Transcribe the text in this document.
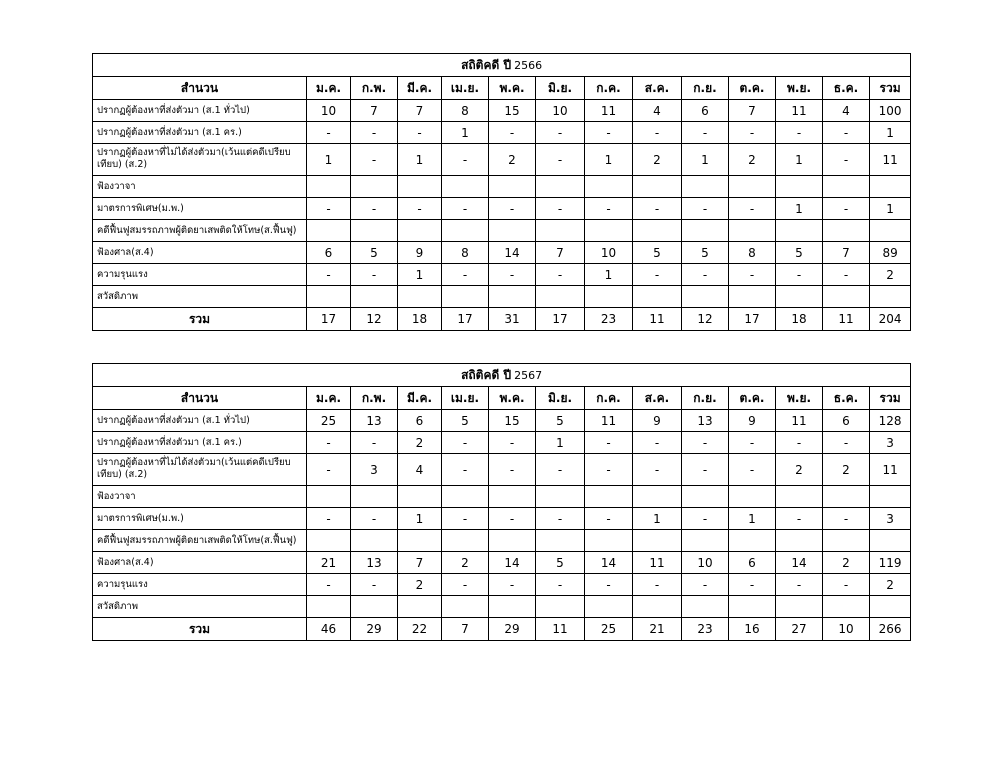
สถิติคดี ปี 2566													
สำนวน	ม.ค.	ก.พ.	มี.ค.	เม.ย.	พ.ค.	มิ.ย.	ก.ค.	ส.ค.	ก.ย.	ต.ค.	พ.ย.	ธ.ค.	รวม
ปรากฏผู้ต้องหาที่ส่งตัวมา (ส.1 ทั่วไป)	10	7	7	8	15	10	11	4	6	7	11	4	100
ปรากฏผู้ต้องหาที่ส่งตัวมา (ส.1 คร.)	-	-	-	1	-	-	-	-	-	-	-	-	1
ปรากฏผู้ต้องหาที่ไม่ได้ส่งตัวมา(เว้นแต่คดีเปรียบเทียบ) (ส.2)	1	-	1	-	2	-	1	2	1	2	1	-	11
ฟ้องวาจา													
มาตรการพิเศษ(ม.พ.)	-	-	-	-	-	-	-	-	-	-	1	-	1
คดีฟื้นฟูสมรรถภาพผู้ติดยาเสพติดให้โทษ(ส.ฟื้นฟู)													
ฟ้องศาล(ส.4)	6	5	9	8	14	7	10	5	5	8	5	7	89
ความรุนแรง	-	-	1	-	-	-	1	-	-	-	-	-	2
สวัสดิภาพ													
รวม	17	12	18	17	31	17	23	11	12	17	18	11	204
สถิติคดี ปี 2567													
สำนวน	ม.ค.	ก.พ.	มี.ค.	เม.ย.	พ.ค.	มิ.ย.	ก.ค.	ส.ค.	ก.ย.	ต.ค.	พ.ย.	ธ.ค.	รวม
ปรากฏผู้ต้องหาที่ส่งตัวมา (ส.1 ทั่วไป)	25	13	6	5	15	5	11	9	13	9	11	6	128
ปรากฏผู้ต้องหาที่ส่งตัวมา (ส.1 คร.)	-	-	2	-	-	1	-	-	-	-	-	-	3
ปรากฏผู้ต้องหาที่ไม่ได้ส่งตัวมา(เว้นแต่คดีเปรียบเทียบ) (ส.2)	-	3	4	-	-	-	-	-	-	-	2	2	11
ฟ้องวาจา													
มาตรการพิเศษ(ม.พ.)	-	-	1	-	-	-	-	1	-	1	-	-	3
คดีฟื้นฟูสมรรถภาพผู้ติดยาเสพติดให้โทษ(ส.ฟื้นฟู)													
ฟ้องศาล(ส.4)	21	13	7	2	14	5	14	11	10	6	14	2	119
ความรุนแรง	-	-	2	-	-	-	-	-	-	-	-	-	2
สวัสดิภาพ													
รวม	46	29	22	7	29	11	25	21	23	16	27	10	266
